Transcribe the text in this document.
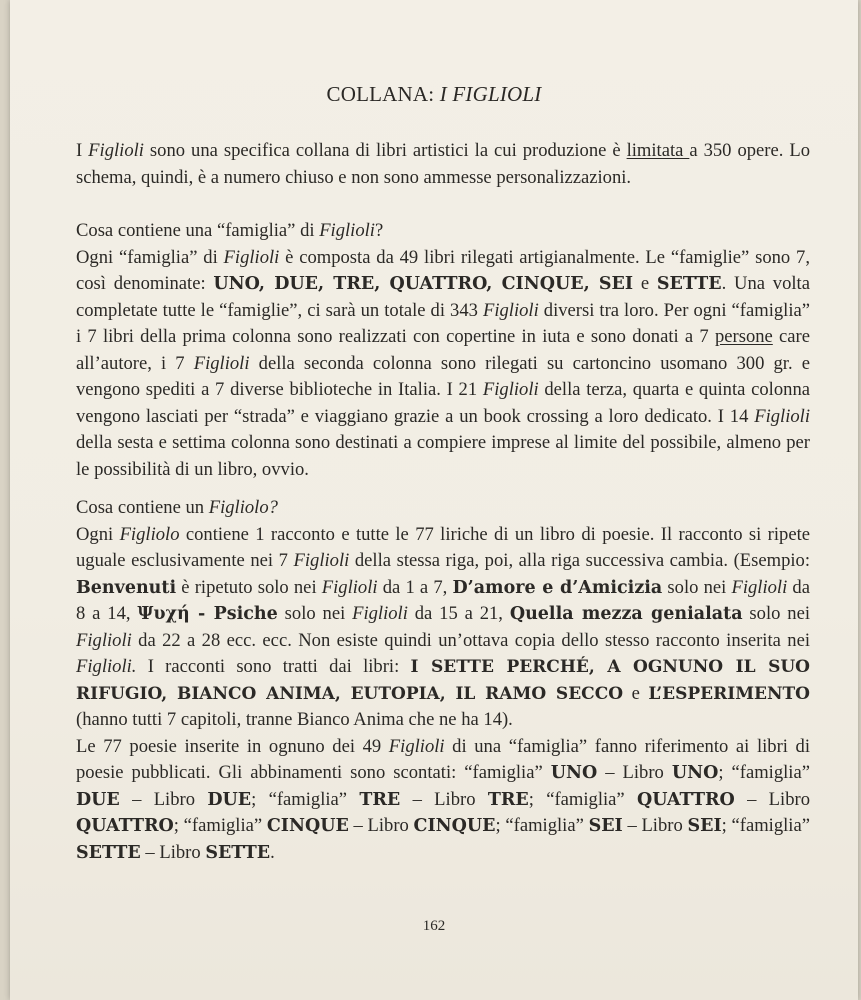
COLLANA: I FIGLIOLI

I Figlioli sono una specifica collana di libri artistici la cui produzione è limitata a 350 opere. Lo schema, quindi, è a numero chiuso e non sono ammesse personalizzazioni.

Cosa contiene una “famiglia” di Figlioli?

Ogni “famiglia” di Figlioli è composta da 49 libri rilegati artigianalmente. Le “famiglie” sono 7, così denominate: UNO, DUE, TRE, QUATTRO, CINQUE, SEI e SETTE. Una volta completate tutte le “famiglie”, ci sarà un totale di 343 Figlioli diversi tra loro. Per ogni “famiglia” i 7 libri della prima colonna sono realizzati con copertine in iuta e sono donati a 7 persone care all’autore, i 7 Figlioli della seconda colonna sono rilegati su cartoncino usomano 300 gr. e vengono spediti a 7 diverse biblioteche in Italia. I 21 Figlioli della terza, quarta e quinta colonna vengono lasciati per “strada” e viaggiano grazie a un book crossing a loro dedicato. I 14 Figlioli della sesta e settima colonna sono destinati a compiere imprese al limite del possibile, almeno per le possibilità di un libro, ovvio.

Cosa contiene un Figliolo?

Ogni Figliolo contiene 1 racconto e tutte le 77 liriche di un libro di poesie. Il racconto si ripete uguale esclusivamente nei 7 Figlioli della stessa riga, poi, alla riga successiva cambia. (Esempio: Benvenuti è ripetuto solo nei Figlioli da 1 a 7, D’amore e d’Amicizia solo nei Figlioli da 8 a 14, Ψυχή - Psiche solo nei Figlioli da 15 a 21, Quella mezza genialata solo nei Figlioli da 22 a 28 ecc. ecc. Non esiste quindi un’ottava copia dello stesso racconto inserita nei Figlioli. I racconti sono tratti dai libri: I SETTE PERCHÉ, A OGNUNO IL SUO RIFUGIO, BIANCO ANIMA, EUTOPIA, IL RAMO SECCO e L’ESPERIMENTO (hanno tutti 7 capitoli, tranne Bianco Anima che ne ha 14).

Le 77 poesie inserite in ognuno dei 49 Figlioli di una “famiglia” fanno riferimento ai libri di poesie pubblicati. Gli abbinamenti sono scontati: “famiglia” UNO – Libro UNO; “famiglia” DUE – Libro DUE; “famiglia” TRE – Libro TRE; “famiglia” QUATTRO – Libro QUATTRO; “famiglia” CINQUE – Libro CINQUE; “famiglia” SEI – Libro SEI; “famiglia” SETTE – Libro SETTE.

162
